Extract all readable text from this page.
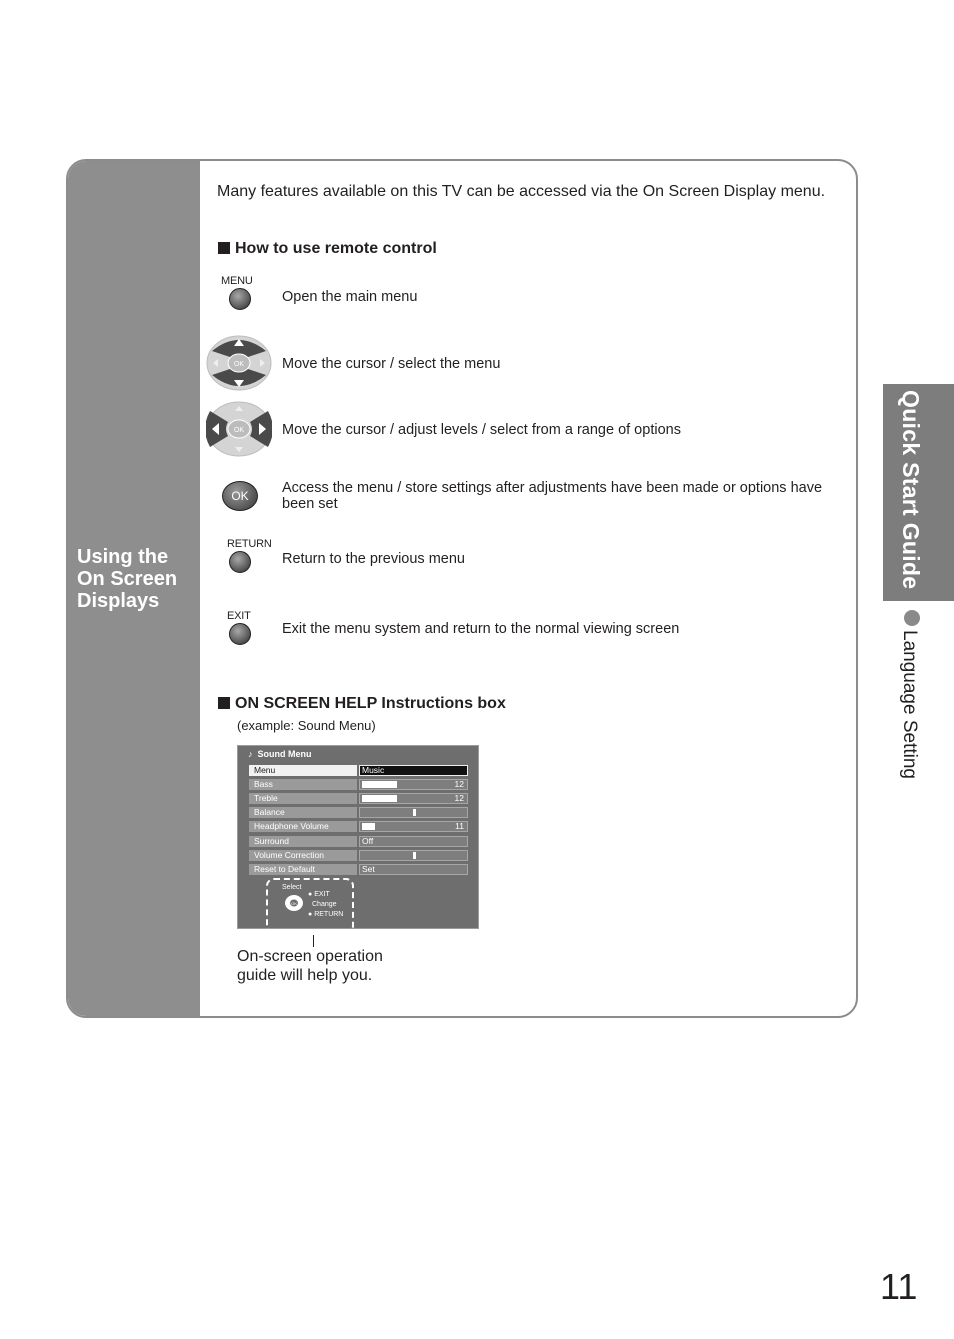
Using the
On Screen
Displays
Many features available on this TV can be accessed via the On Screen Display menu.
How to use remote control
MENU
Open the main menu
OK	Move the cursor / select the menu
OK	Move the cursor / adjust levels / select from a range of options
OK	Access the menu / store settings after adjustments have been made or options have been set
RETURN
Return to the previous menu
EXIT
Exit the menu system and return to the normal viewing screen
ON SCREEN HELP Instructions box
(example: Sound Menu)
♪ Sound Menu
Menu	Music
Bass	12
Treble	12
Balance
Headphone Volume	11
Surround	Off
Volume Correction
Reset to Default	Set
Select
OK
● EXIT
Change
● RETURN
On-screen operation
guide will help you.
Quick Start Guide
Language Setting
11
